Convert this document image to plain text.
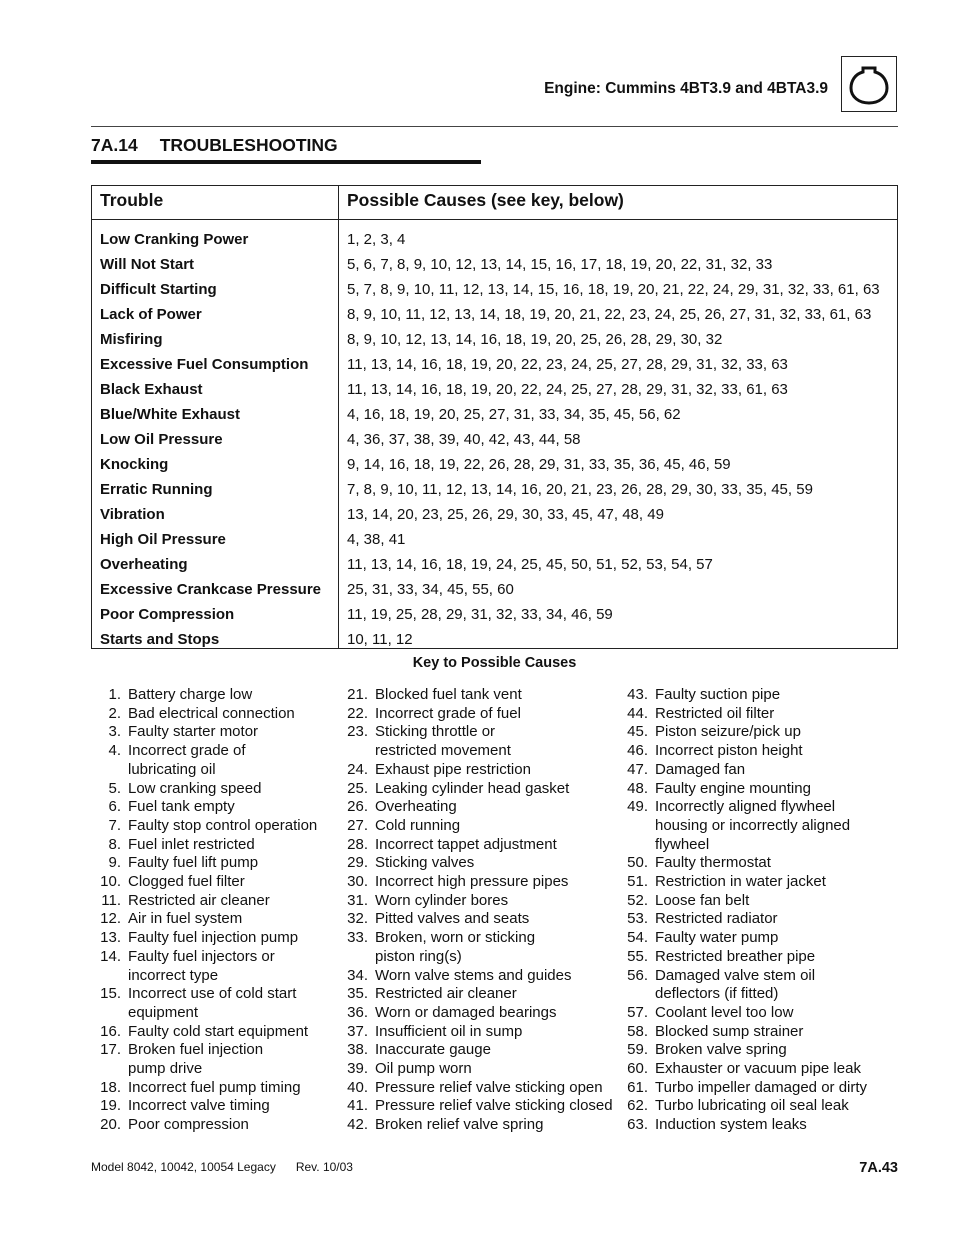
Engine: Cummins 4BT3.9 and 4BTA3.9
7A.14 TROUBLESHOOTING
Trouble	Possible Causes (see key, below)
Low Cranking Power	1, 2, 3, 4
Will Not Start	5, 6, 7, 8, 9, 10, 12, 13, 14, 15, 16, 17, 18, 19, 20, 22, 31, 32, 33
Difficult Starting	5, 7, 8, 9, 10, 11, 12, 13, 14, 15, 16, 18, 19, 20, 21, 22, 24, 29, 31, 32, 33, 61, 63
Lack of Power	8, 9, 10, 11, 12, 13, 14, 18, 19, 20, 21, 22, 23, 24, 25, 26, 27, 31, 32, 33, 61, 63
Misfiring	8, 9, 10, 12, 13, 14, 16, 18, 19, 20, 25, 26, 28, 29, 30, 32
Excessive Fuel Consumption	11, 13, 14, 16, 18, 19, 20, 22, 23, 24, 25, 27, 28, 29, 31, 32, 33, 63
Black Exhaust	11, 13, 14, 16, 18, 19, 20, 22, 24, 25, 27, 28, 29, 31, 32, 33, 61, 63
Blue/White Exhaust	4, 16, 18, 19, 20, 25, 27, 31, 33, 34, 35, 45, 56, 62
Low Oil Pressure	4, 36, 37, 38, 39, 40, 42, 43, 44, 58
Knocking	9, 14, 16, 18, 19, 22, 26, 28, 29, 31, 33, 35, 36, 45, 46, 59
Erratic Running	7, 8, 9, 10, 11, 12, 13, 14, 16, 20, 21, 23, 26, 28, 29, 30, 33, 35, 45, 59
Vibration	13, 14, 20, 23, 25, 26, 29, 30, 33, 45, 47, 48, 49
High Oil Pressure	4, 38, 41
Overheating	11, 13, 14, 16, 18, 19, 24, 25, 45, 50, 51, 52, 53, 54, 57
Excessive Crankcase Pressure 25, 31, 33, 34, 45, 55, 60
Poor Compression	11, 19, 25, 28, 29, 31, 32, 33, 34, 46, 59
Starts and Stops	10, 11, 12
Key to Possible Causes
1. Battery charge low
2. Bad electrical connection
3. Faulty starter motor
4. Incorrect grade of
lubricating oil
5. Low cranking speed
6. Fuel tank empty
7. Faulty stop control operation
8. Fuel inlet restricted
9. Faulty fuel lift pump
10. Clogged fuel filter
11. Restricted air cleaner
12. Air in fuel system
13. Faulty fuel injection pump
14. Faulty fuel injectors or
incorrect type
15. Incorrect use of cold start
equipment
16. Faulty cold start equipment
17. Broken fuel injection
pump drive
18. Incorrect fuel pump timing
19. Incorrect valve timing
20. Poor compression
21. Blocked fuel tank vent
22. Incorrect grade of fuel
23. Sticking throttle or
restricted movement
24. Exhaust pipe restriction
25. Leaking cylinder head gasket
26. Overheating
27. Cold running
28. Incorrect tappet adjustment
29. Sticking valves
30. Incorrect high pressure pipes
31. Worn cylinder bores
32. Pitted valves and seats
33. Broken, worn or sticking
piston ring(s)
34. Worn valve stems and guides
35. Restricted air cleaner
36. Worn or damaged bearings
37. Insufficient oil in sump
38. Inaccurate gauge
39. Oil pump worn
40. Pressure relief valve sticking open
41. Pressure relief valve sticking closed
42. Broken relief valve spring
43. Faulty suction pipe
44. Restricted oil filter
45. Piston seizure/pick up
46. Incorrect piston height
47. Damaged fan
48. Faulty engine mounting
49. Incorrectly aligned flywheel
housing or incorrectly aligned
flywheel
50. Faulty thermostat
51. Restriction in water jacket
52. Loose fan belt
53. Restricted radiator
54. Faulty water pump
55. Restricted breather pipe
56. Damaged valve stem oil
deflectors (if fitted)
57. Coolant level too low
58. Blocked sump strainer
59. Broken valve spring
60. Exhauster or vacuum pipe leak
61. Turbo impeller damaged or dirty
62. Turbo lubricating oil seal leak
63. Induction system leaks
Model 8042, 10042, 10054 Legacy Rev. 10/03	7A.43
